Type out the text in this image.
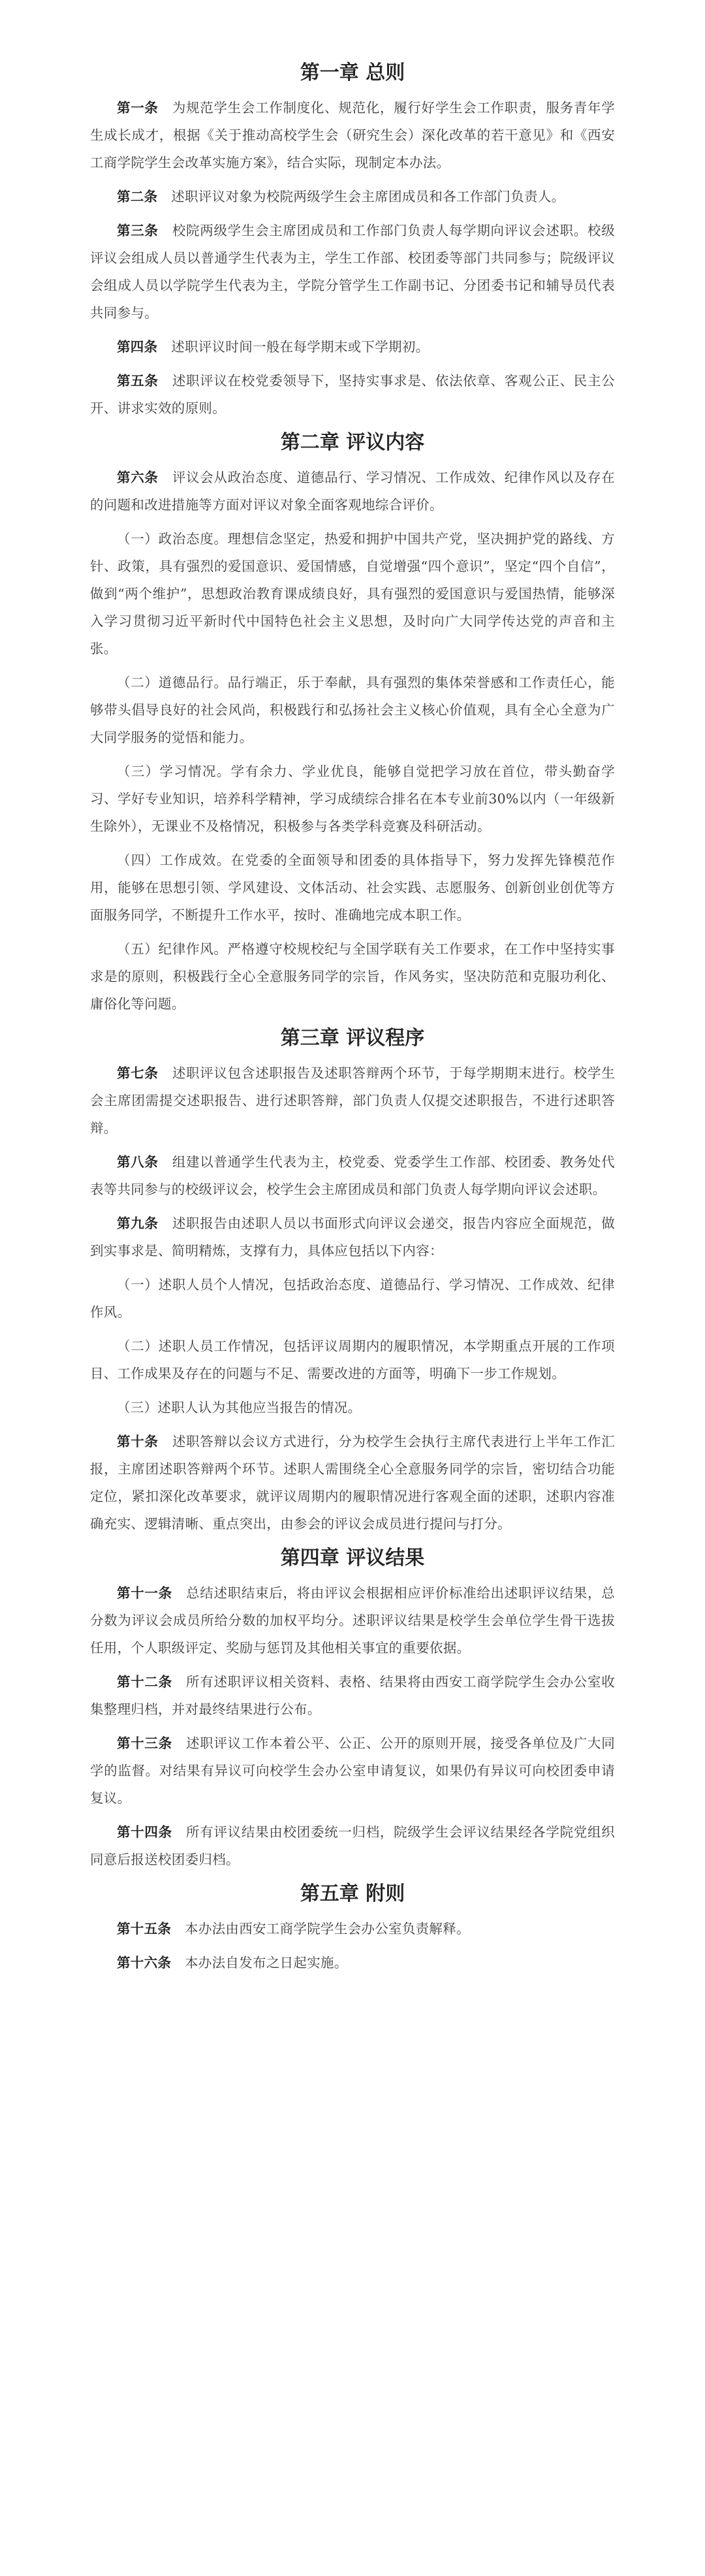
第一章 总则

第一条  为规范学生会工作制度化、规范化，履行好学生会工作职责，服务青年学生成长成才，根据《关于推动高校学生会（研究生会）深化改革的若干意见》和《西安工商学院学生会改革实施方案》，结合实际，现制定本办法。

第二条  述职评议对象为校院两级学生会主席团成员和各工作部门负责人。

第三条  校院两级学生会主席团成员和工作部门负责人每学期向评议会述职。校级评议会组成人员以普通学生代表为主，学生工作部、校团委等部门共同参与；院级评议会组成人员以学院学生代表为主，学院分管学生工作副书记、分团委书记和辅导员代表共同参与。

第四条  述职评议时间一般在每学期末或下学期初。

第五条  述职评议在校党委领导下，坚持实事求是、依法依章、客观公正、民主公开、讲求实效的原则。

第二章 评议内容

第六条  评议会从政治态度、道德品行、学习情况、工作成效、纪律作风以及存在的问题和改进措施等方面对评议对象全面客观地综合评价。

（一）政治态度。理想信念坚定，热爱和拥护中国共产党，坚决拥护党的路线、方针、政策，具有强烈的爱国意识、爱国情感，自觉增强“四个意识”，坚定“四个自信”，做到“两个维护”，思想政治教育课成绩良好，具有强烈的爱国意识与爱国热情，能够深入学习贯彻习近平新时代中国特色社会主义思想，及时向广大同学传达党的声音和主张。

（二）道德品行。品行端正，乐于奉献，具有强烈的集体荣誉感和工作责任心，能够带头倡导良好的社会风尚，积极践行和弘扬社会主义核心价值观，具有全心全意为广大同学服务的觉悟和能力。

（三）学习情况。学有余力、学业优良，能够自觉把学习放在首位，带头勤奋学习、学好专业知识，培养科学精神，学习成绩综合排名在本专业前30%以内（一年级新生除外），无课业不及格情况，积极参与各类学科竞赛及科研活动。

（四）工作成效。在党委的全面领导和团委的具体指导下，努力发挥先锋模范作用，能够在思想引领、学风建设、文体活动、社会实践、志愿服务、创新创业创优等方面服务同学，不断提升工作水平，按时、准确地完成本职工作。

（五）纪律作风。严格遵守校规校纪与全国学联有关工作要求，在工作中坚持实事求是的原则，积极践行全心全意服务同学的宗旨，作风务实，坚决防范和克服功利化、庸俗化等问题。

第三章 评议程序

第七条  述职评议包含述职报告及述职答辩两个环节，于每学期期末进行。校学生会主席团需提交述职报告、进行述职答辩，部门负责人仅提交述职报告，不进行述职答辩。

第八条  组建以普通学生代表为主，校党委、党委学生工作部、校团委、教务处代表等共同参与的校级评议会，校学生会主席团成员和部门负责人每学期向评议会述职。

第九条  述职报告由述职人员以书面形式向评议会递交，报告内容应全面规范，做到实事求是、简明精炼，支撑有力，具体应包括以下内容：

（一）述职人员个人情况，包括政治态度、道德品行、学习情况、工作成效、纪律作风。

（二）述职人员工作情况，包括评议周期内的履职情况，本学期重点开展的工作项目、工作成果及存在的问题与不足、需要改进的方面等，明确下一步工作规划。

（三）述职人认为其他应当报告的情况。

第十条  述职答辩以会议方式进行，分为校学生会执行主席代表进行上半年工作汇报，主席团述职答辩两个环节。述职人需围绕全心全意服务同学的宗旨，密切结合功能定位，紧扣深化改革要求，就评议周期内的履职情况进行客观全面的述职，述职内容准确充实、逻辑清晰、重点突出，由参会的评议会成员进行提问与打分。

第四章 评议结果

第十一条  总结述职结束后，将由评议会根据相应评价标准给出述职评议结果，总分数为评议会成员所给分数的加权平均分。述职评议结果是校学生会单位学生骨干选拔任用，个人职级评定、奖励与惩罚及其他相关事宜的重要依据。

第十二条  所有述职评议相关资料、表格、结果将由西安工商学院学生会办公室收集整理归档，并对最终结果进行公布。

第十三条  述职评议工作本着公平、公正、公开的原则开展，接受各单位及广大同学的监督。对结果有异议可向校学生会办公室申请复议，如果仍有异议可向校团委申请复议。

第十四条  所有评议结果由校团委统一归档，院级学生会评议结果经各学院党组织同意后报送校团委归档。

第五章 附则

第十五条  本办法由西安工商学院学生会办公室负责解释。

第十六条  本办法自发布之日起实施。
